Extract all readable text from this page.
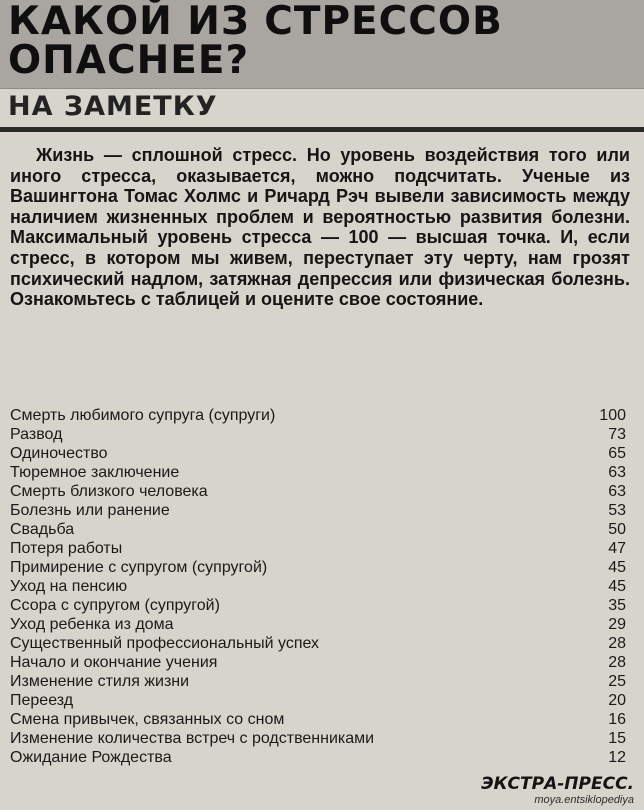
КАКОЙ ИЗ СТРЕССОВ ОПАСНЕЕ?
НА ЗАМЕТКУ

Жизнь — сплошной стресс. Но уровень воздействия того или иного стресса, оказывается, можно подсчитать. Ученые из Вашингтона Томас Холмс и Ричард Рэч вывели зависимость между наличием жизненных проблем и вероятностью развития болезни. Максимальный уровень стресса — 100 — высшая точка. И, если стресс, в котором мы живем, переступает эту черту, нам грозят психический надлом, затяжная депрессия или физическая болезнь. Ознакомьтесь с таблицей и оцените свое состояние.

Смерть любимого супруга (супруги)	100
Развод	73
Одиночество	65
Тюремное заключение	63
Смерть близкого человека	63
Болезнь или ранение	53
Свадьба	50
Потеря работы	47
Примирение с супругом (супругой)	45
Уход на пенсию	45
Ссора с супругом (супругой)	35
Уход ребенка из дома	29
Существенный профессиональный успех	28
Начало и окончание учения	28
Изменение стиля жизни	25
Переезд	20
Смена привычек, связанных со сном	16
Изменение количества встреч с родственниками	15
Ожидание Рождества	12
ЭКСТРА-ПРЕСС.
moya.entsiklopediya
